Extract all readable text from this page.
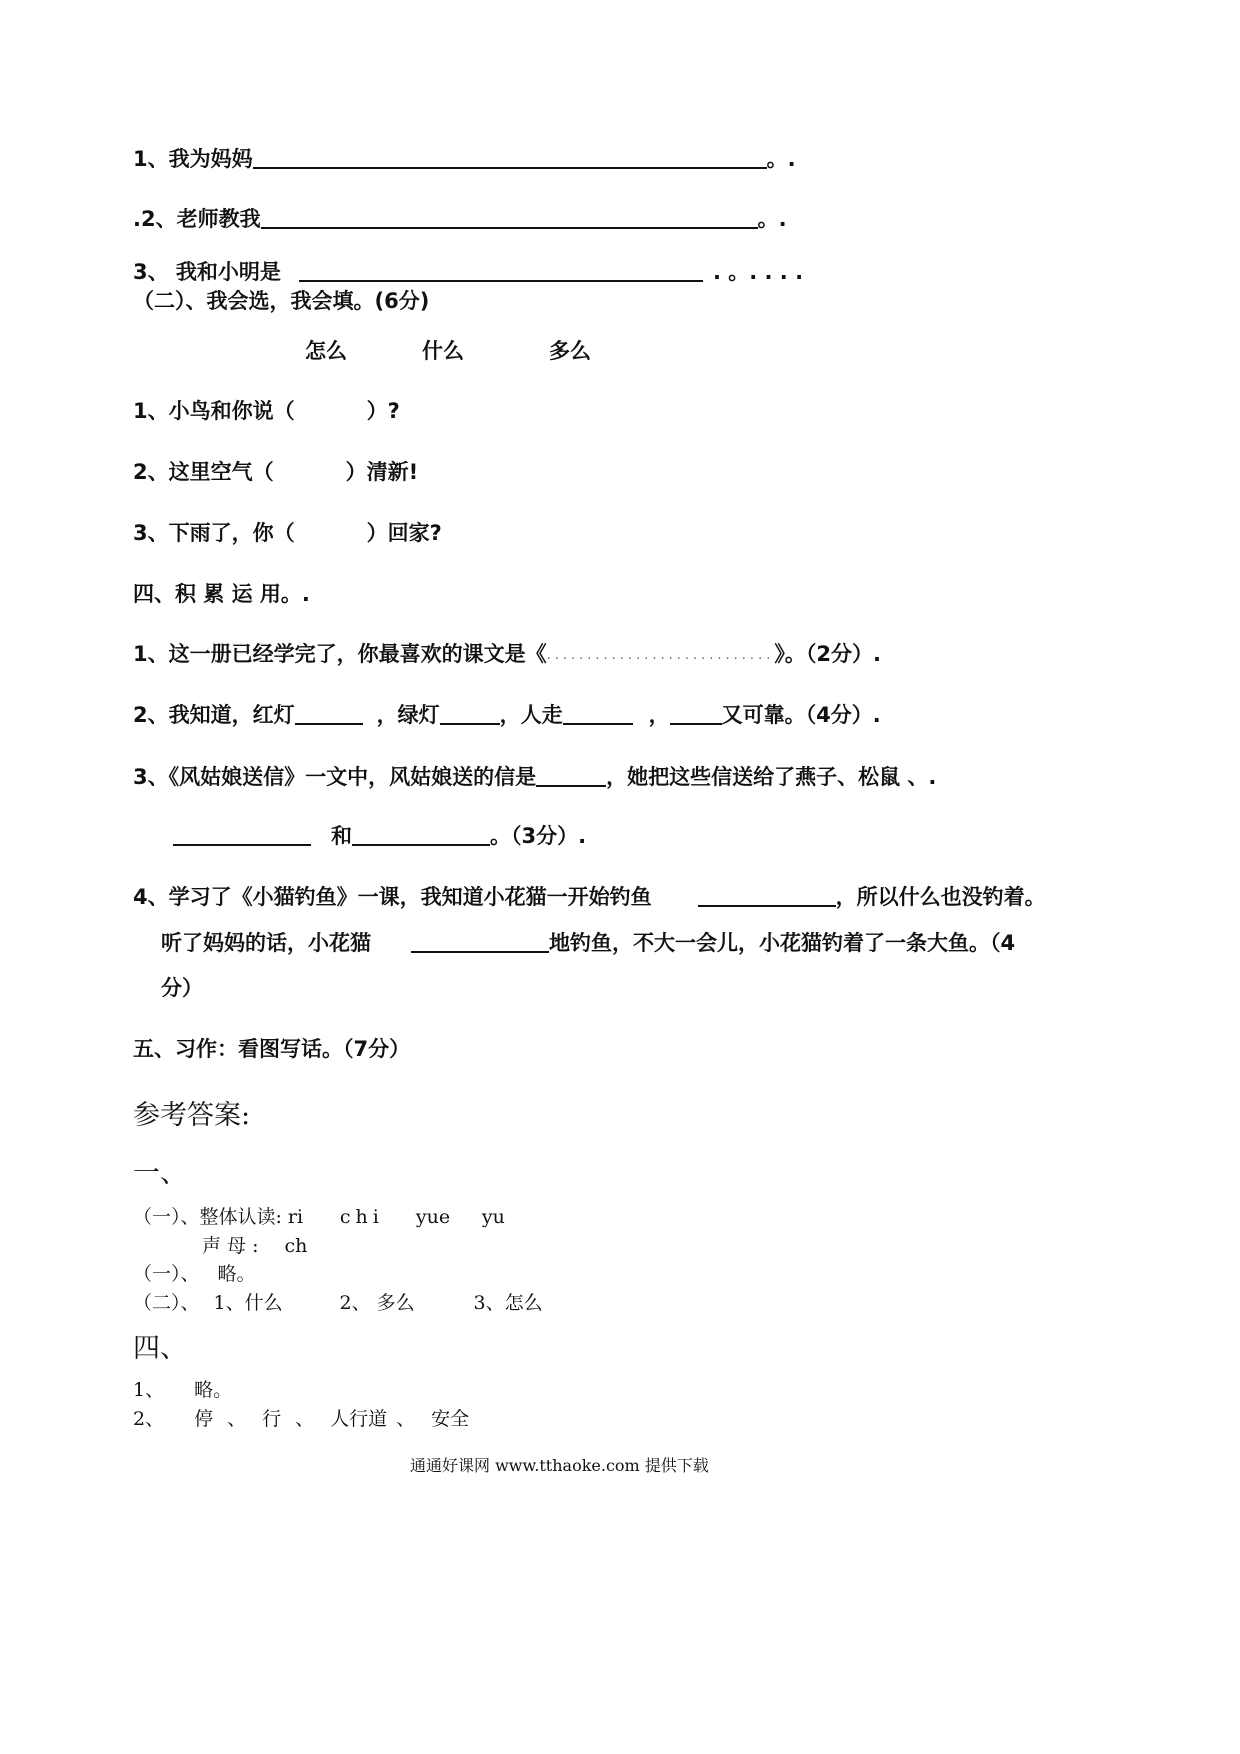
1、我为妈妈	。.
.2、老师教我	。.
3、 我和小明是	. 。. . . .
（二）、我会选，我会填。(6分)
怎么	什么	多么
1、小鸟和你说（	）?
2、这里空气（	）清新!
3、下雨了，你（	）回家?
四、积 累 运 用。.
1、这一册已经学完了，你最喜欢的课文是《............................》。（2分）.
2、我知道，红灯	，绿灯	，人走	， 又可靠。（4分）.
3、《风姑娘送信》一文中，风姑娘送的信是	，她把这些信送给了燕子、松鼠 、.
和	。（3分）.
4、学习了《小猫钓鱼》一课，我知道小花猫一开始钓鱼	，所以什么也没钓着。
听了妈妈的话，小花猫	地钓鱼，不大一会儿，小花猫钓着了一条大鱼。（4
分）
五、习作：看图写话。（7分）
参考答案:
一、
（一）、整体认读: ri chi yue yu
声 母 : ch
（一）、 略。
（二）、 1、什么	2、 多么	3、怎么
四、
1、 略。
2、 停 、 行 、 人行道 、 安全
通通好课网 www.tthaoke.com 提供下载
